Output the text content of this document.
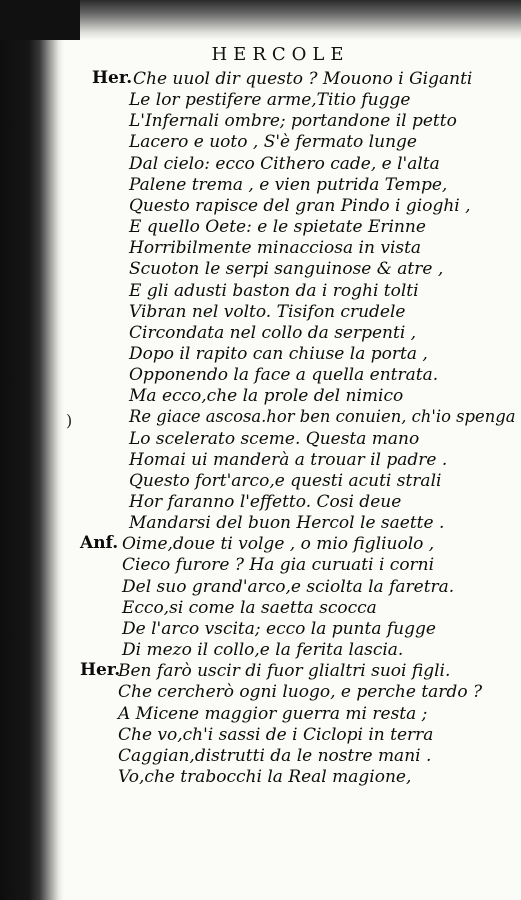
HERCOLE
Her. Che uuol dir questo ? Mouono i Giganti
Le lor pestifere arme,Titio fugge
L'Infernali ombre; portandone il petto
Lacero e uoto , S'è fermato lunge
Dal cielo: ecco Cithero cade, e l'alta
Palene trema , e vien putrida Tempe,
Questo rapisce del gran Pindo i gioghi ,
E quello Oete: e le spietate Erinne
Horribilmente minacciosa in vista
Scuoton le serpi sanguinose & atre ,
E gli adusti baston da i roghi tolti
Vibran nel volto. Tisifon crudele
Circondata nel collo da serpenti ,
Dopo il rapito can chiuse la porta ,
Opponendo la face a quella entrata.
Ma ecco,che la prole del nimico
Re giace ascosa.hor ben conuien, ch'io spenga
Lo scelerato sceme. Questa mano
Homai ui manderà a trouar il padre .
Questo fort'arco,e questi acuti strali
Hor faranno l'effetto. Cosi deue
Mandarsi del buon Hercol le saette .
Anf. Oime,doue ti volge , o mio figliuolo ,
Cieco furore ? Ha gia curuati i corni
Del suo grand'arco,e sciolta la faretra.
Ecco,si come la saetta scocca
De l'arco vscita; ecco la punta fugge
Di mezo il collo,e la ferita lascia.
Her.
Ben farò uscir di fuor glialtri suoi figli.
Che cercherò ogni luogo, e perche tardo ?
A Micene maggior guerra mi resta ;
Che vo,ch'i sassi de i Ciclopi in terra
Caggian,distrutti da le nostre mani .
Vo,che trabocchi la Real magione,
)
